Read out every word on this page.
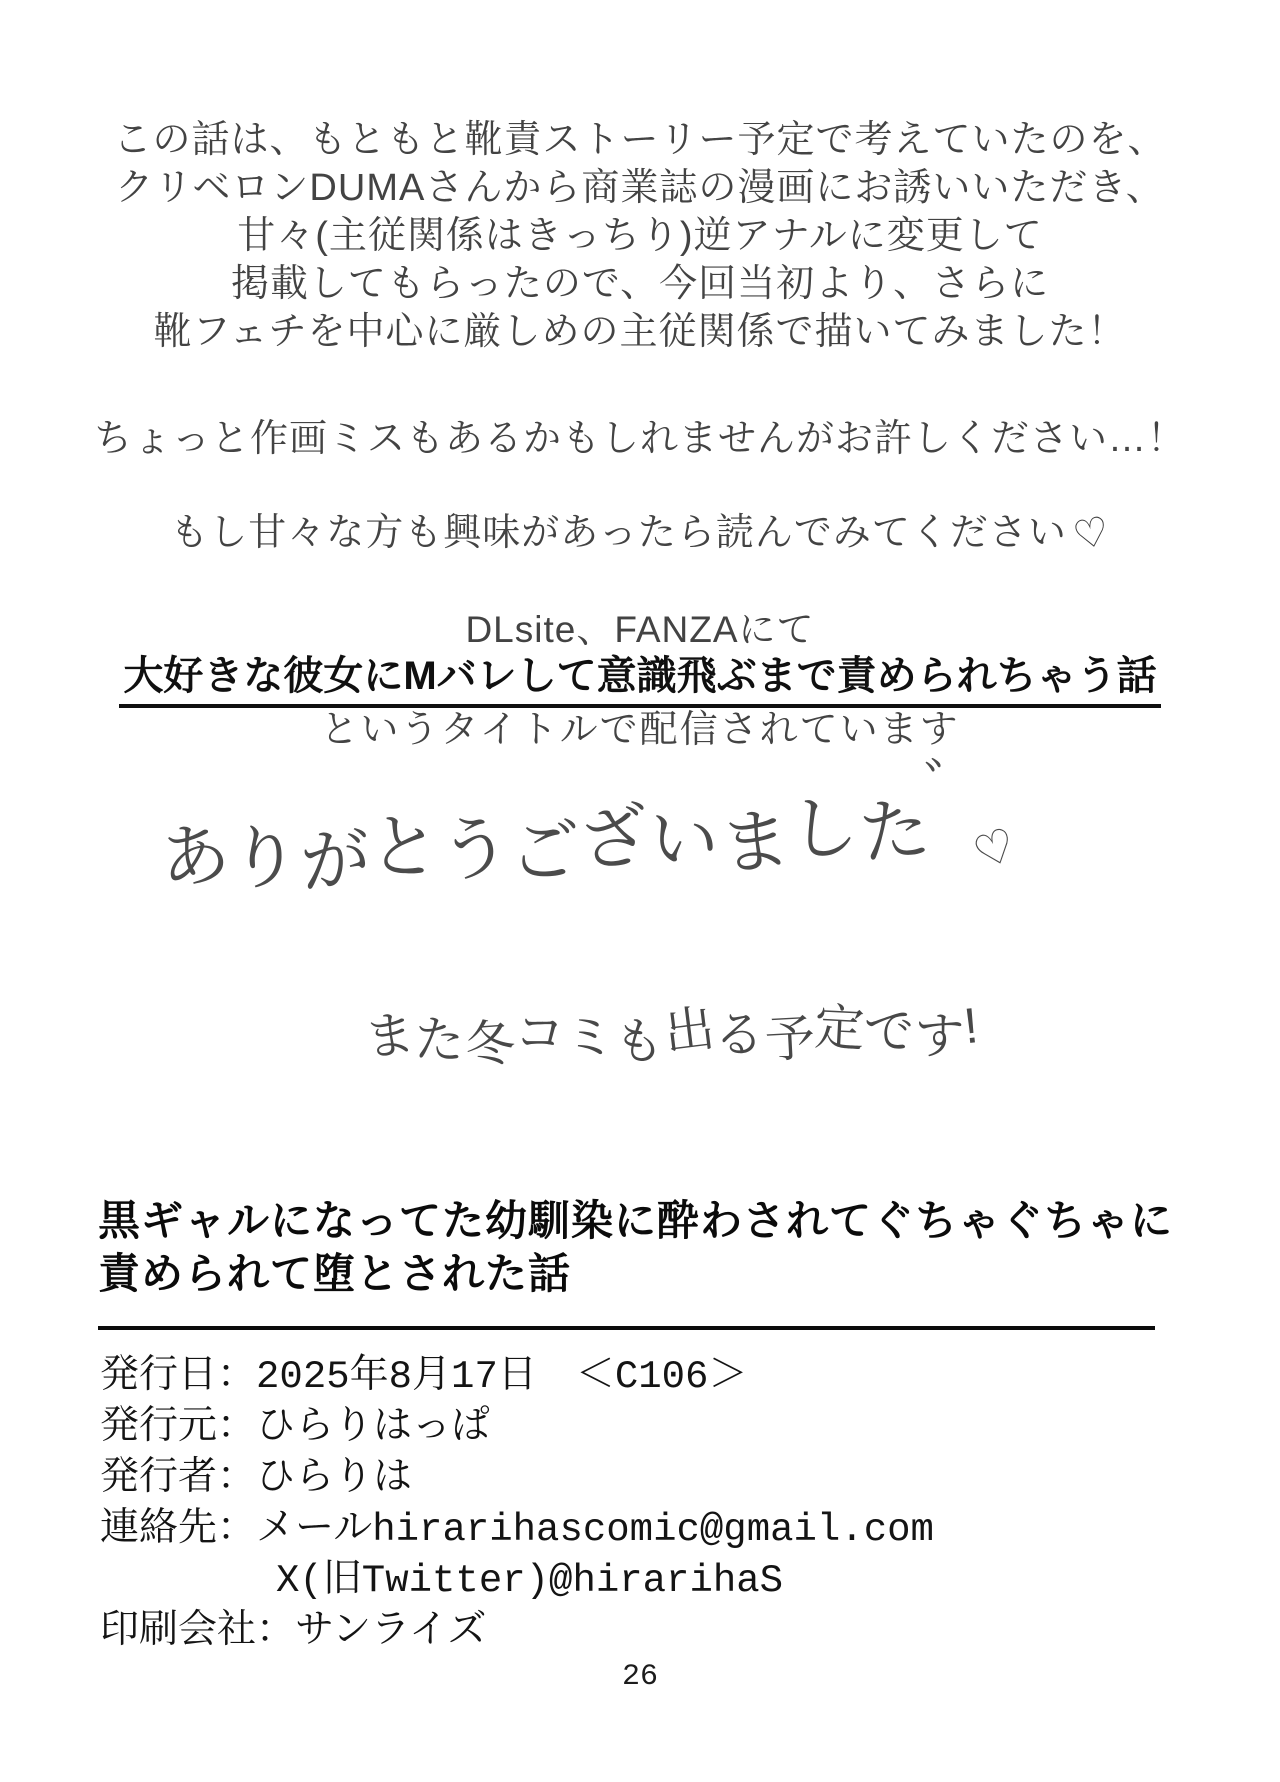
この話は、もともと靴責ストーリー予定で考えていたのを、
クリベロンDUMAさんから商業誌の漫画にお誘いいただき、
甘々(主従関係はきっちり)逆アナルに変更して
掲載してもらったので、今回当初より、さらに
靴フェチを中心に厳しめの主従関係で描いてみました！
ちょっと作画ミスもあるかもしれませんがお許しください…！
もし甘々な方も興味があったら読んでみてください♡
DLsite、FANZAにて
大好きな彼女にMバレして意識飛ぶまで責められちゃう話
というタイトルで配信されています
ありがとうございました゛♡
また冬コミも出る予定です!
黒ギャルになってた幼馴染に酔わされてぐちゃぐちゃに
責められて堕とされた話
発行日：2025年8月17日　＜C106＞
発行元：ひらりはっぱ
発行者：ひらりは
連絡先：メールhirarihascomic@gmail.com
X(旧Twitter)@hirarihaS
印刷会社：サンライズ
26
